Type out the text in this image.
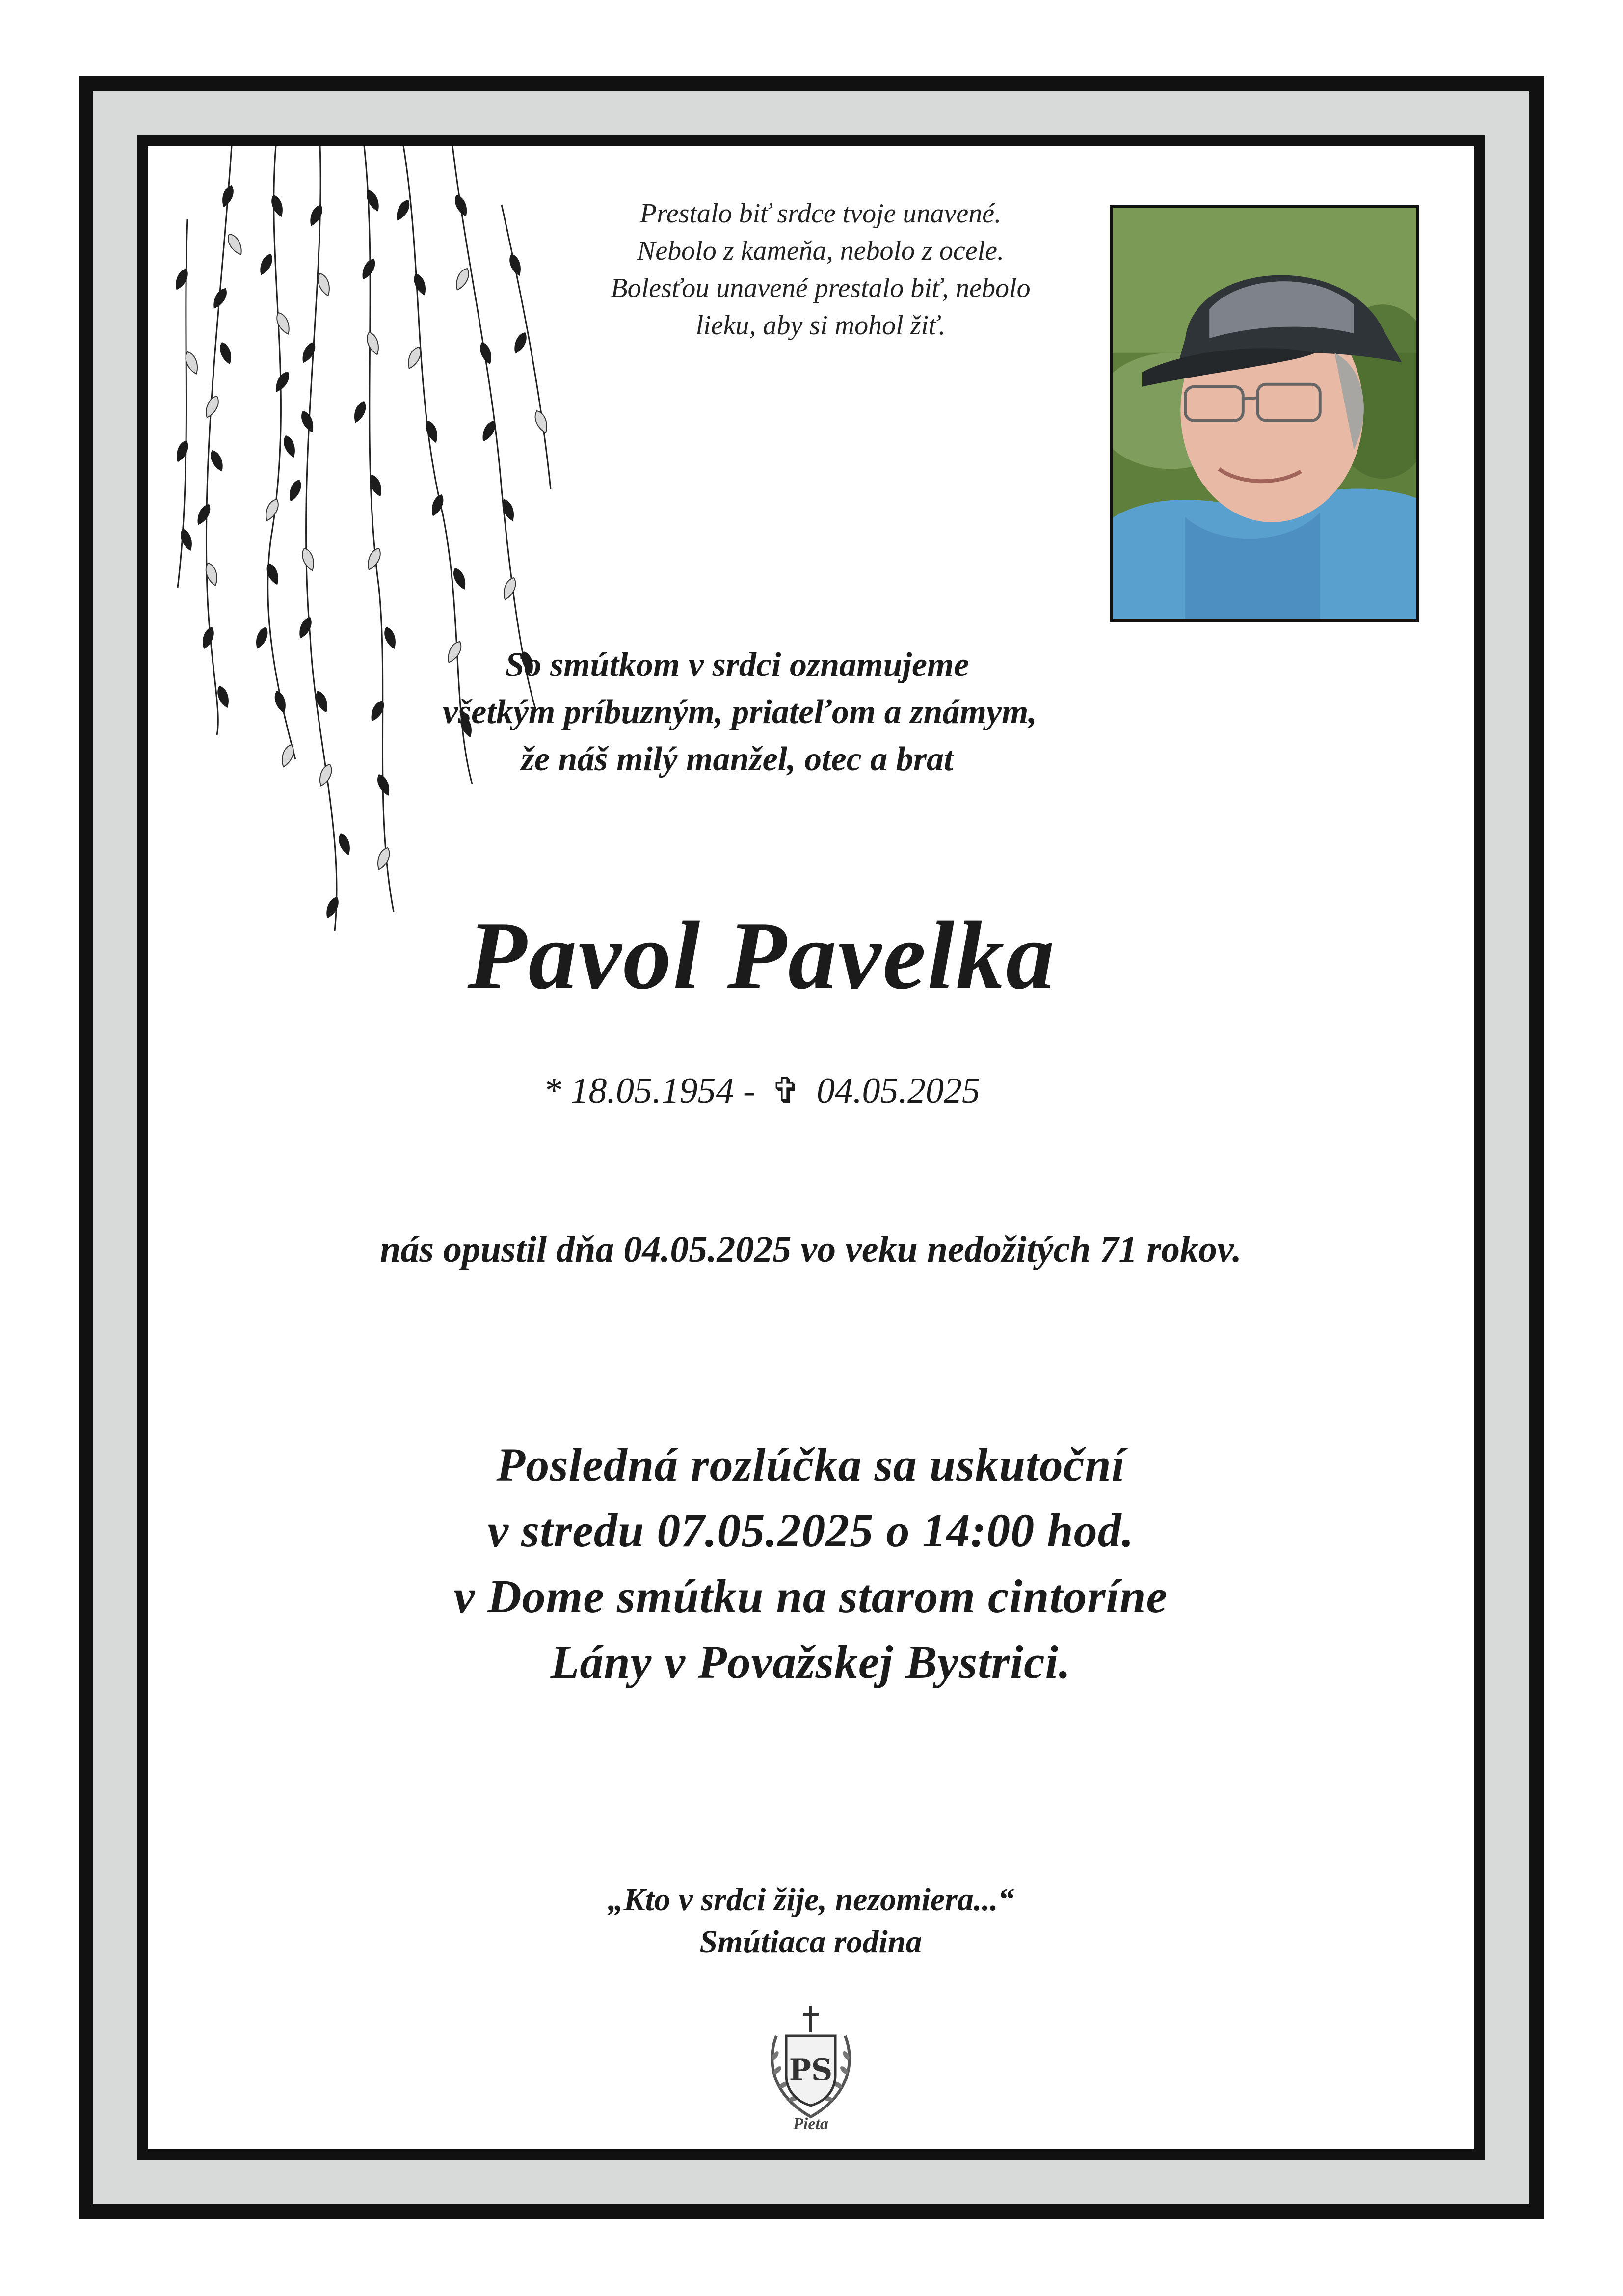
Prestalo biť srdce tvoje unavené.
Nebolo z kameňa, nebolo z ocele.
Bolesťou unavené prestalo biť, nebolo
lieku, aby si mohol žiť.
So smútkom v srdci oznamujeme
všetkým príbuzným, priateľom a známym,
že náš milý manžel, otec a brat
Pavol Pavelka
* 18.05.1954 - ✞ 04.05.2025
nás opustil dňa 04.05.2025 vo veku nedožitých 71 rokov.
Posledná rozlúčka sa uskutoční
v stredu 07.05.2025 o 14:00 hod.
v Dome smútku na starom cintoríne
Lány v Považskej Bystrici.
„Kto v srdci žije, nezomiera...“
Smútiaca rodina
PS
Pieta
